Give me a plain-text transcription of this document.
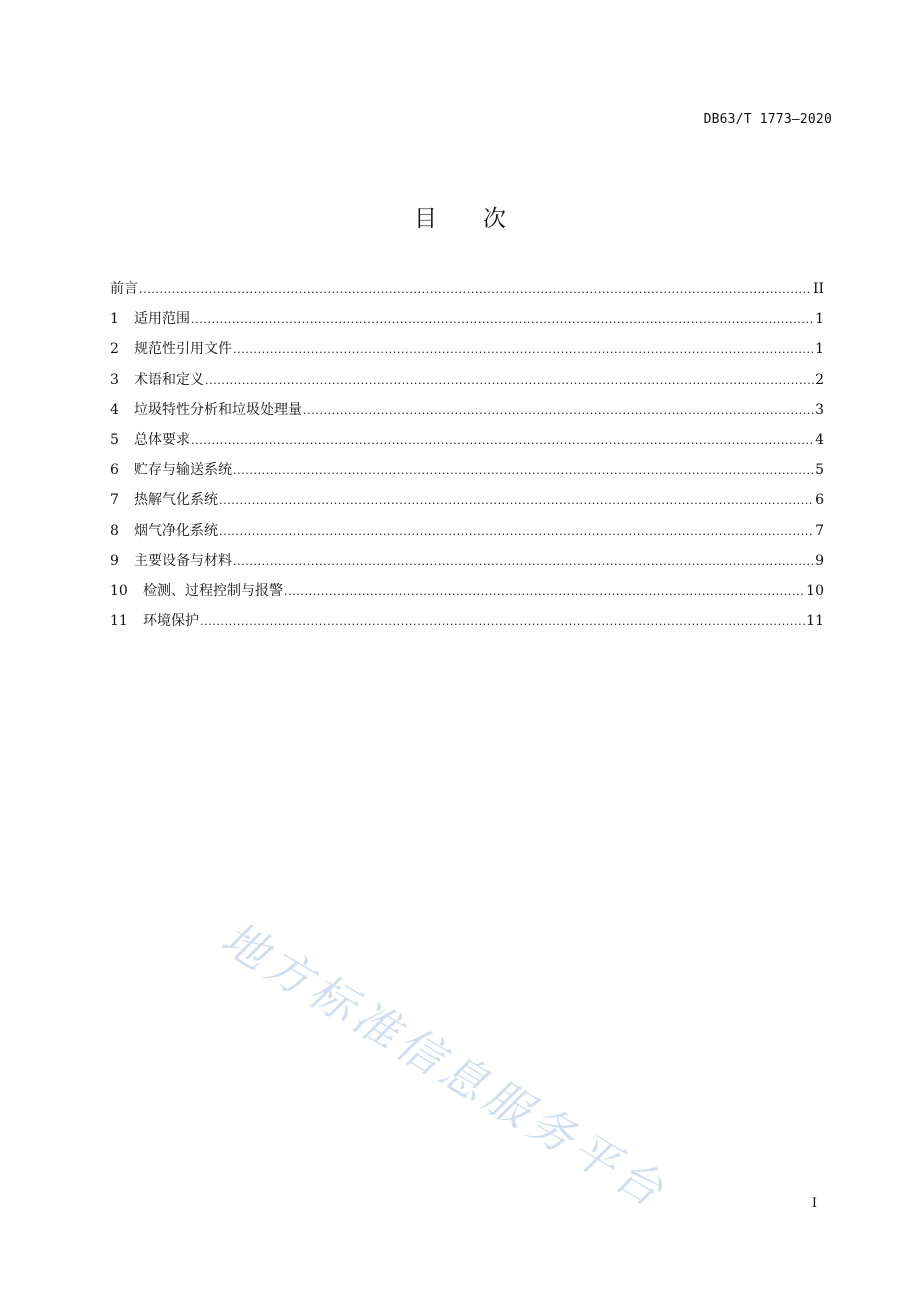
DB63/T 1773—2020
目 次
前言 .....	II
1	适用范围 .....	1
2	规范性引用文件 .....	1
3	术语和定义 .....	2
4	垃圾特性分析和垃圾处理量 .....	3
5	总体要求 .....	4
6	贮存与输送系统 .....	5
7	热解气化系统 .....	6
8	烟气净化系统 .....	7
9	主要设备与材料 .....	9
10	检测、过程控制与报警 .....	10
11	环境保护 .....	11
地方标准信息服务平台	I
